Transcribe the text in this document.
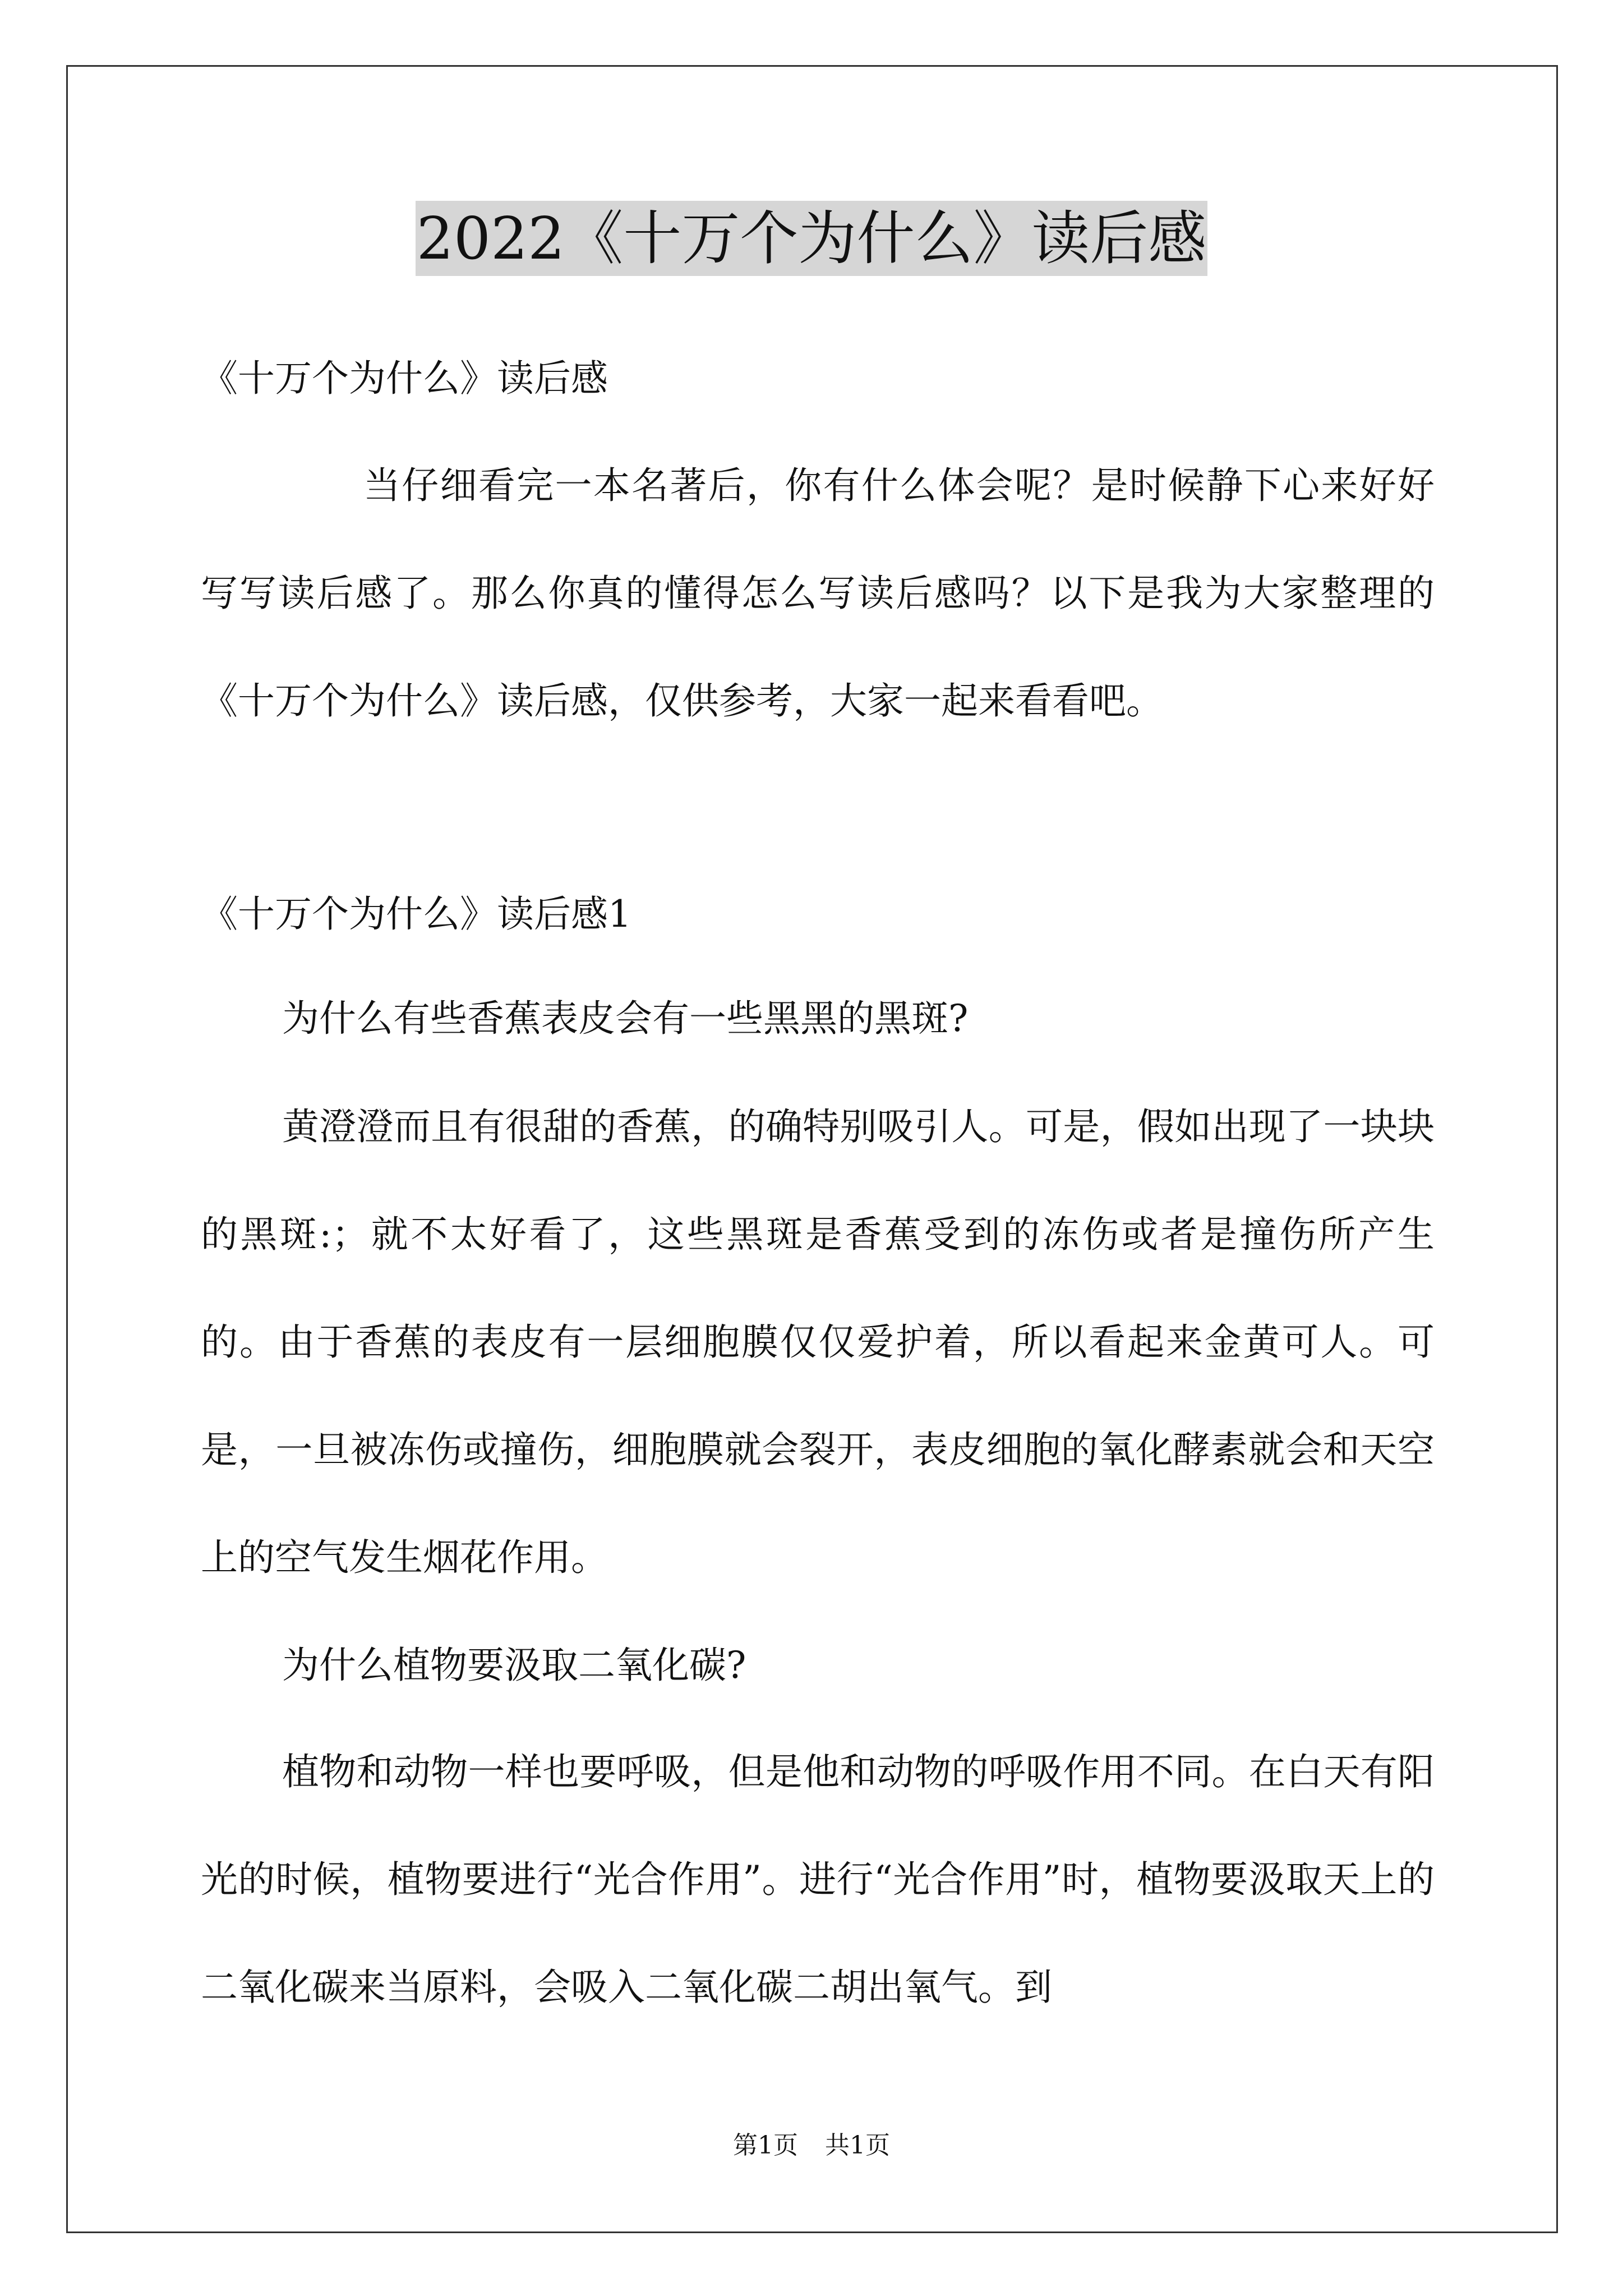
2022《十万个为什么》读后感

《十万个为什么》读后感

当仔细看完一本名著后，你有什么体会呢？是时候静下心来好好写写读后感了。那么你真的懂得怎么写读后感吗？以下是我为大家整理的《十万个为什么》读后感，仅供参考，大家一起来看看吧。

《十万个为什么》读后感1

为什么有些香蕉表皮会有一些黑黑的黑斑?

黄澄澄而且有很甜的香蕉，的确特别吸引人。可是，假如出现了一块块的黑斑:；就不太好看了，这些黑斑是香蕉受到的冻伤或者是撞伤所产生的。由于香蕉的表皮有一层细胞膜仅仅爱护着，所以看起来金黄可人。可是，一旦被冻伤或撞伤，细胞膜就会裂开，表皮细胞的氧化酵素就会和天空上的空气发生烟花作用。

为什么植物要汲取二氧化碳?

植物和动物一样也要呼吸，但是他和动物的呼吸作用不同。在白天有阳光的时候，植物要进行“光合作用”。进行“光合作用”时，植物要汲取天上的二氧化碳来当原料，会吸入二氧化碳二胡出氧气。到

第1页 共1页
